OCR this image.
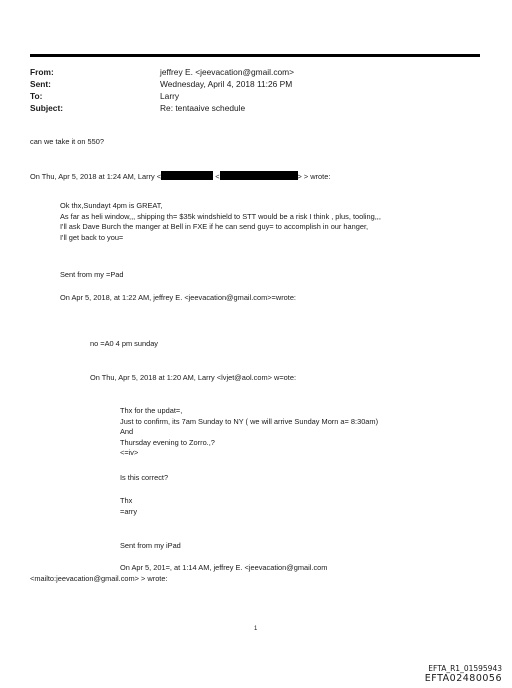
From:	jeffrey E. <jeevacation@gmail.com>
Sent:	Wednesday, April 4, 2018 11:26 PM
To:	Larry
Subject:	Re: tentaaive schedule
can we take it on 550?
On Thu, Apr 5, 2018 at 1:24 AM, Larry <	<	> > wrote:
Ok thx,Sundayt 4pm is GREAT,
As far as heli window,,, shipping th= $35k windshield to STT would be a risk I think , plus, tooling,,,
I'll ask Dave Burch the manger at Bell in FXE if he can send guy= to accomplish in our hanger,
I'll get back to you=
Sent from my =Pad
On Apr 5, 2018, at 1:22 AM, jeffrey E. <jeevacation@gmail.com>=wrote:
no =A0 4 pm sunday
On Thu, Apr 5, 2018 at 1:20 AM, Larry <lvjet@aol.com> w=ote:
Thx for the updat=,
Just to confirm, its 7am Sunday to NY ( we will arrive Sunday Morn a= 8:30am)
And
Thursday evening to Zorro.,?
<=iv>
Is this correct?
Thx
=arry
Sent from my iPad
On Apr 5, 201=, at 1:14 AM, jeffrey E. <jeevacation@gmail.com
<mailto:jeevacation@gmail.com> > wrote:
1
EFTA_R1_01595943
EFTA02480056
